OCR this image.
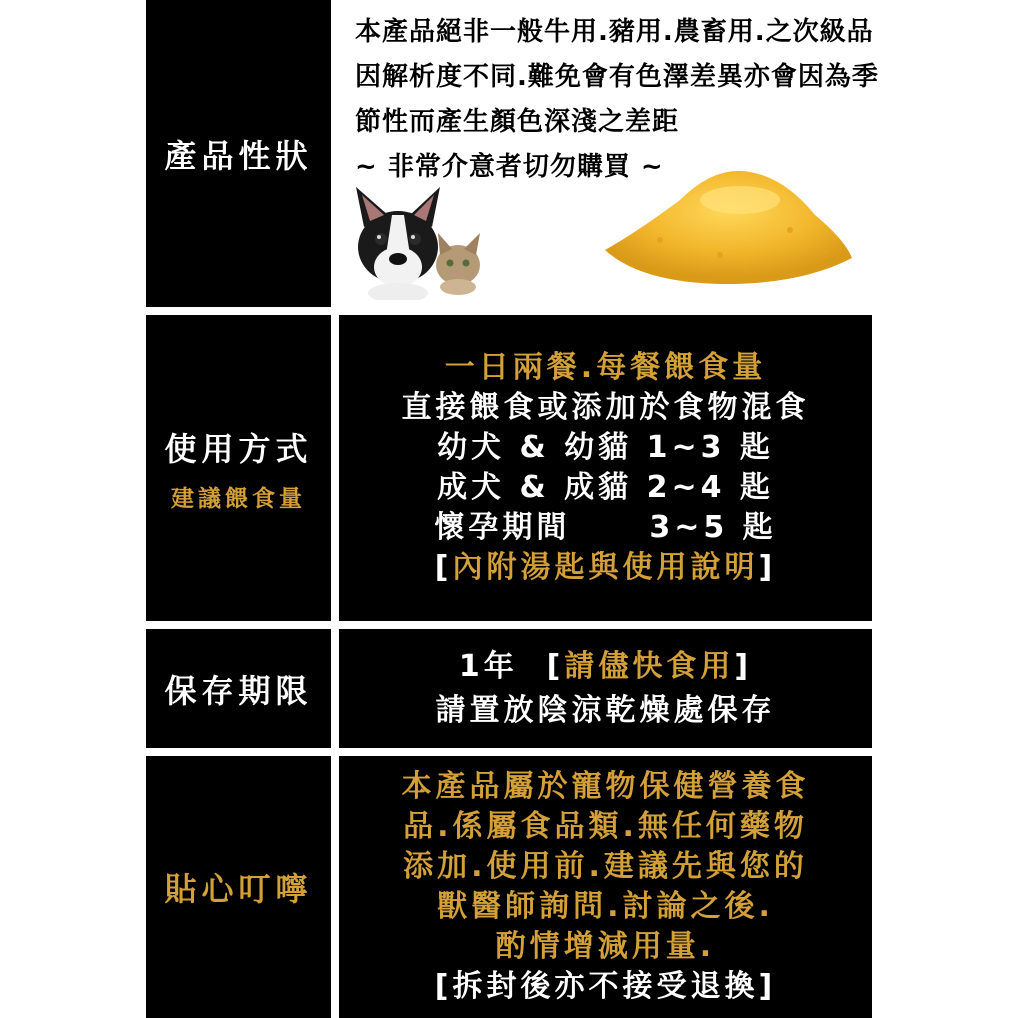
產品性狀
本產品絕非一般牛用.豬用.農畜用.之次級品
因解析度不同.難免會有色澤差異亦會因為季
節性而產生顏色深淺之差距
~ 非常介意者切勿購買 ~
使用方式
建議餵食量
一日兩餐.每餐餵食量
直接餵食或添加於食物混食
幼犬 & 幼貓 1~3 匙
成犬 & 成貓 2~4 匙
懷孕期間	3~5 匙
[內附湯匙與使用說明]
保存期限
1年 [請儘快食用]
請置放陰涼乾燥處保存
貼心叮嚀
本產品屬於寵物保健營養食
品.係屬食品類.無任何藥物
添加.使用前.建議先與您的
獸醫師詢問.討論之後.
酌情增減用量.
[拆封後亦不接受退換]
